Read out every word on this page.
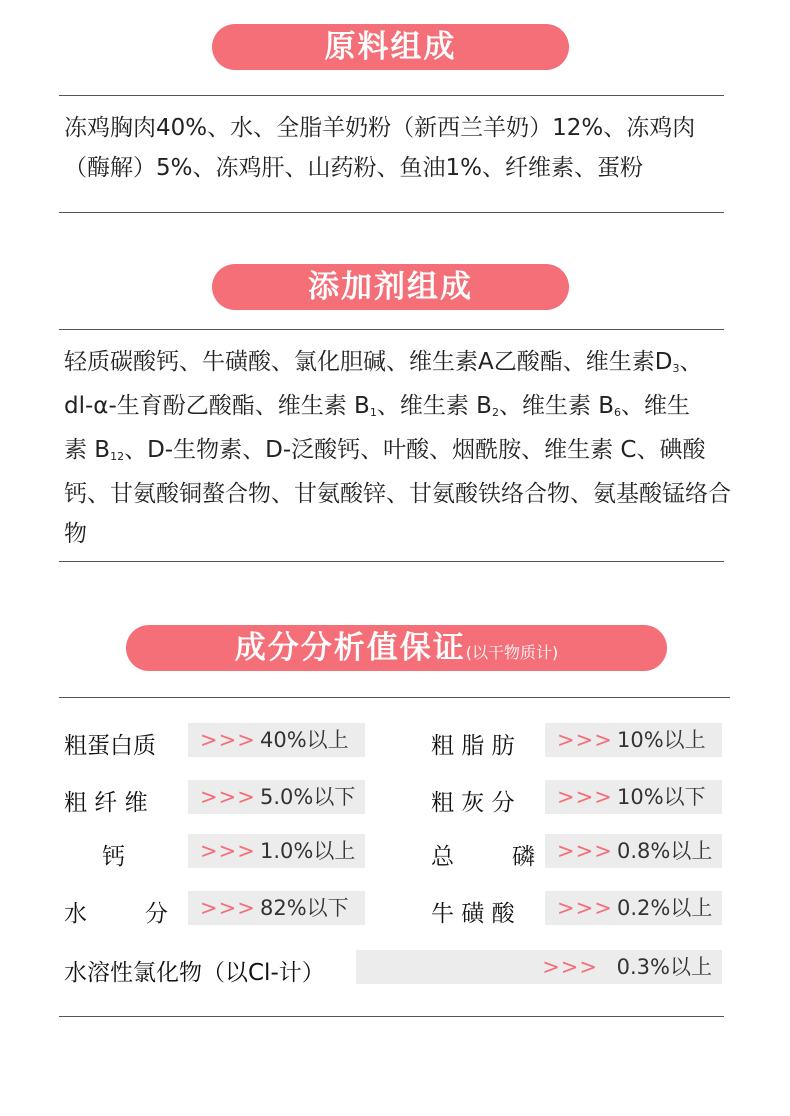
原料组成

冻鸡胸肉40%、水、全脂羊奶粉（新西兰羊奶）12%、冻鸡肉（酶解）5%、冻鸡肝、山药粉、鱼油1%、纤维素、蛋粉

添加剂组成
轻质碳酸钙、牛磺酸、氯化胆碱、维生素A乙酸酯、维生素$D_3$、
dl-α-生育酚乙酸酯、维生素 $B_1$、维生素 $B_2$、维生素 $B_6$、维生
素 $B_{12}$、D-生物素、D-泛酸钙、叶酸、烟酰胺、维生素 C、碘酸
钙、甘氨酸铜螯合物、甘氨酸锌、甘氨酸铁络合物、氨基酸锰络合
物
成分分析值保证(以干物质计)
粗蛋白质 >>> 40%以上	粗 脂 肪 >>> 10%以上
粗 纤 维 >>> 5.0%以下	粗 灰 分 >>> 10%以下
钙	>>> 1.0%以上	总　　磷 >>> 0.8%以上
水　　分 >>> 82%以下	牛 磺 酸 >>> 0.2%以上
水溶性氯化物（以Cl-计）	>>> 0.3%以上
